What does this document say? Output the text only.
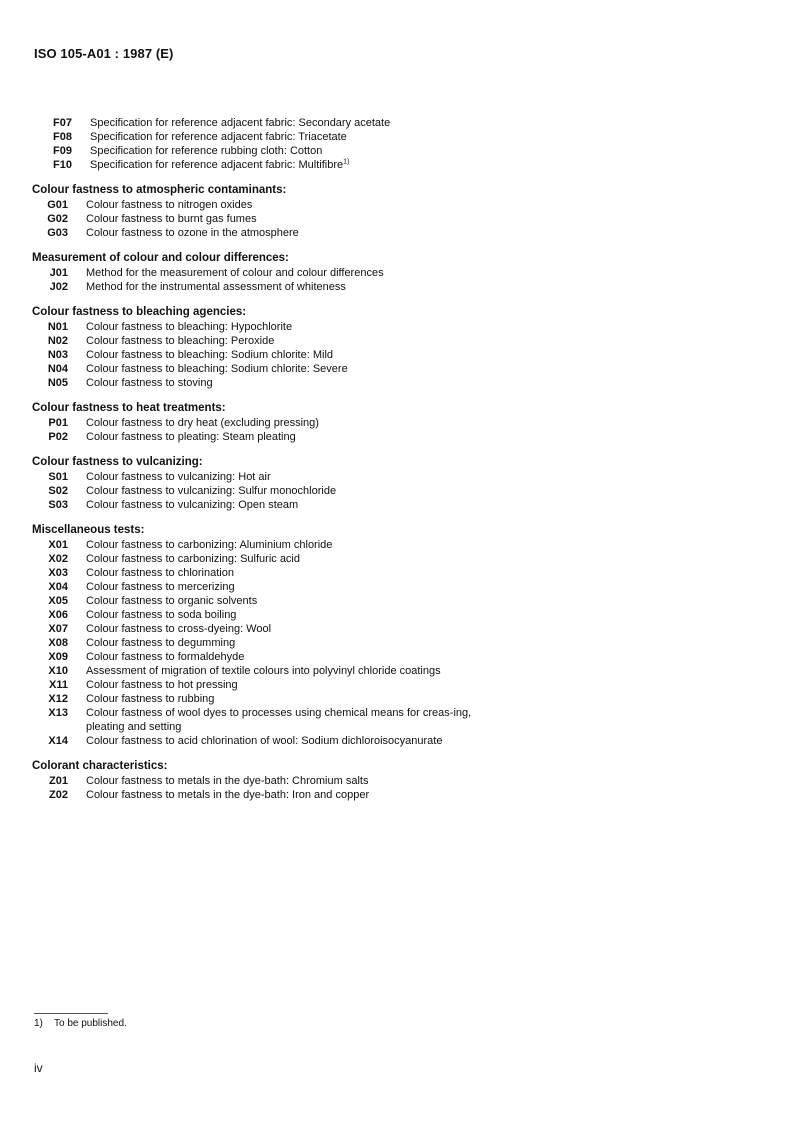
ISO 105-A01 : 1987 (E)
F07	Specification for reference adjacent fabric: Secondary acetate
F08	Specification for reference adjacent fabric: Triacetate
F09	Specification for reference rubbing cloth: Cotton
F10	Specification for reference adjacent fabric: Multifibre$^{1)}$
Colour fastness to atmospheric contaminants:
G01	Colour fastness to nitrogen oxides
G02	Colour fastness to burnt gas fumes
G03	Colour fastness to ozone in the atmosphere
Measurement of colour and colour differences:
J01	Method for the measurement of colour and colour differences
J02	Method for the instrumental assessment of whiteness
Colour fastness to bleaching agencies:
N01	Colour fastness to bleaching: Hypochlorite
N02	Colour fastness to bleaching: Peroxide
N03	Colour fastness to bleaching: Sodium chlorite: Mild
N04	Colour fastness to bleaching: Sodium chlorite: Severe
N05	Colour fastness to stoving
Colour fastness to heat treatments:
P01	Colour fastness to dry heat (excluding pressing)
P02	Colour fastness to pleating: Steam pleating
Colour fastness to vulcanizing:
S01	Colour fastness to vulcanizing: Hot air
S02	Colour fastness to vulcanizing: Sulfur monochloride
S03	Colour fastness to vulcanizing: Open steam
Miscellaneous tests:
X01	Colour fastness to carbonizing: Aluminium chloride
X02	Colour fastness to carbonizing: Sulfuric acid
X03	Colour fastness to chlorination
X04	Colour fastness to mercerizing
X05	Colour fastness to organic solvents
X06	Colour fastness to soda boiling
X07	Colour fastness to cross-dyeing: Wool
X08	Colour fastness to degumming
X09	Colour fastness to formaldehyde
X10	Assessment of migration of textile colours into polyvinyl chloride coatings
X11	Colour fastness to hot pressing
X12	Colour fastness to rubbing
X13	Colour fastness of wool dyes to processes using chemical means for creas-ing, pleating and setting
X14	Colour fastness to acid chlorination of wool: Sodium dichloroisocyanurate
Colorant characteristics:
Z01	Colour fastness to metals in the dye-bath: Chromium salts
Z02	Colour fastness to metals in the dye-bath: Iron and copper
1) To be published.
iv
